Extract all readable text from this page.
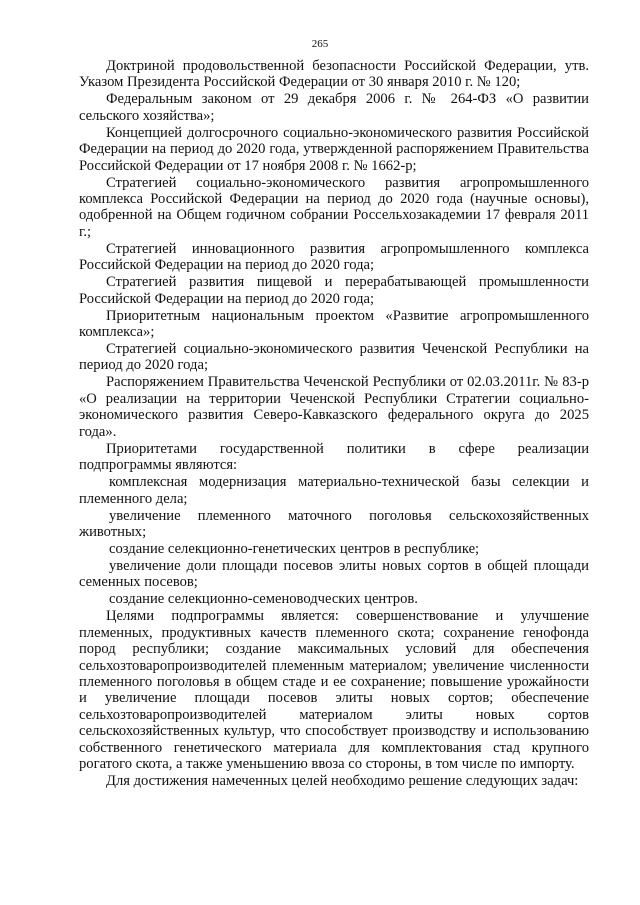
265

Доктриной продовольственной безопасности Российской Федерации, утв. Указом Президента Российской Федерации от 30 января 2010 г. № 120;

Федеральным законом от 29 декабря 2006 г. № 264-ФЗ «О развитии сельского хозяйства»;

Концепцией долгосрочного социально-экономического развития Российской Федерации на период до 2020 года, утвержденной распоряжением Правительства Российской Федерации от 17 ноября 2008 г. № 1662-р;

Стратегией социально-экономического развития агропромышленного комплекса Российской Федерации на период до 2020 года (научные основы), одобренной на Общем годичном собрании Россельхозакадемии 17 февраля 2011 г.;

Стратегией инновационного развития агропромышленного комплекса Российской Федерации на период до 2020 года;

Стратегией развития пищевой и перерабатывающей промышленности Российской Федерации на период до 2020 года;

Приоритетным национальным проектом «Развитие агропромышленного комплекса»;

Стратегией социально-экономического развития Чеченской Республики на период до 2020 года;

Распоряжением Правительства Чеченской Республики от 02.03.2011г. № 83-р «О реализации на территории Чеченской Республики Стратегии социально-экономического развития Северо-Кавказского федерального округа до 2025 года».

Приоритетами государственной политики в сфере реализации подпрограммы являются:

комплексная модернизация материально-технической базы селекции и племенного дела;

увеличение племенного маточного поголовья сельскохозяйственных животных;

создание селекционно-генетических центров в республике;

увеличение доли площади посевов элиты новых сортов в общей площади семенных посевов;

создание селекционно-семеноводческих центров.

Целями подпрограммы является: совершенствование и улучшение племенных, продуктивных качеств племенного скота; сохранение генофонда пород республики; создание максимальных условий для обеспечения сельхозтоваропроизводителей племенным материалом; увеличение численности племенного поголовья в общем стаде и ее сохранение; повышение урожайности и увеличение площади посевов элиты новых сортов; обеспечение сельхозтоваропроизводителей материалом элиты новых сортов сельскохозяйственных культур, что способствует производству и использованию собственного генетического материала для комплектования стад крупного рогатого скота, а также уменьшению ввоза со стороны, в том числе по импорту.

Для достижения намеченных целей необходимо решение следующих задач:
